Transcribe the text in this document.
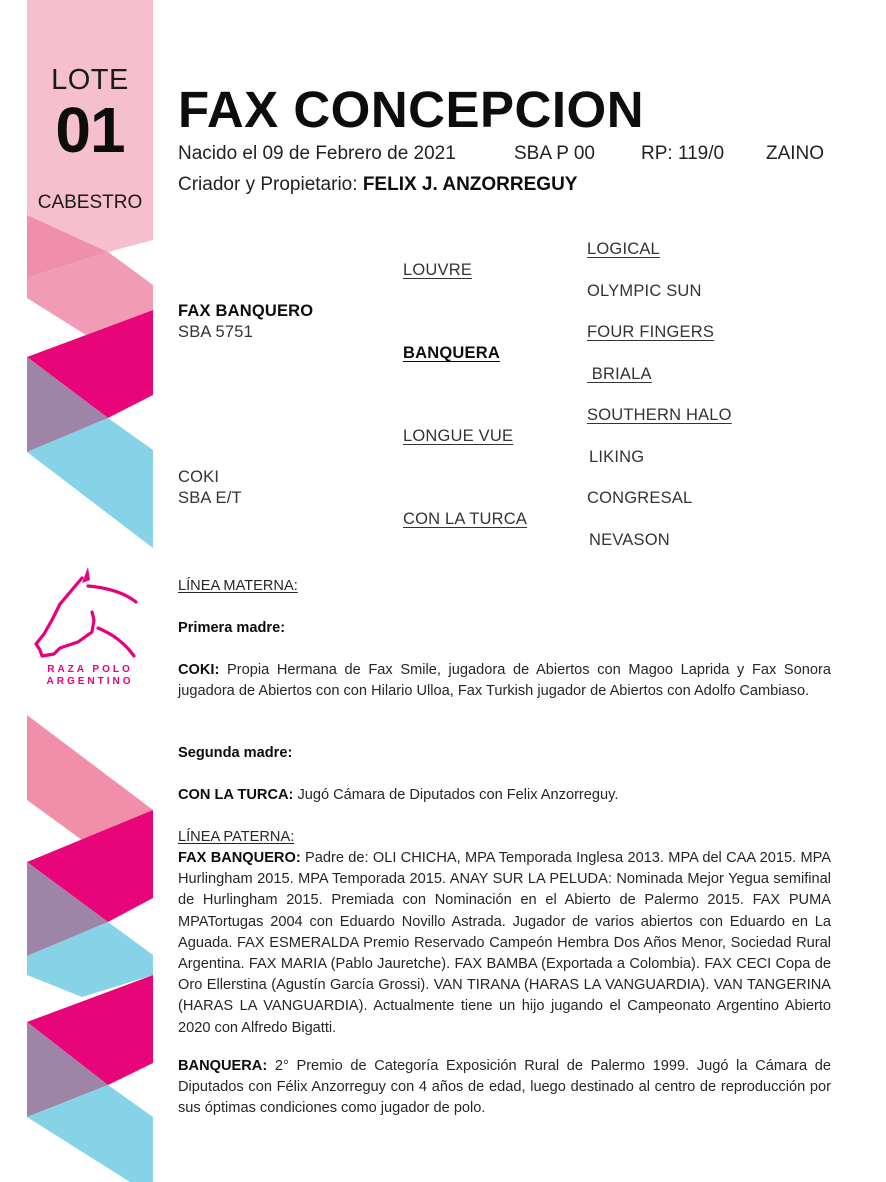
LOTE
01
CABESTRO
RAZA POLO
ARGENTINO
FAX CONCEPCION
Nacido el 09 de Febrero de 2021	SBA P 00 RP: 119/0 ZAINO
Criador y Propietario: FELIX J. ANZORREGUY
FAX BANQUERO
SBA 5751
COKI
SBA E/T
LOUVRE
BANQUERA
LONGUE VUE
CON LA TURCA
LOGICAL
OLYMPIC SUN
FOUR FINGERS
BRIALA
SOUTHERN HALO
LIKING
CONGRESAL
NEVASON
LÍNEA MATERNA:
Primera madre:
COKI: Propia Hermana de Fax Smile, jugadora de Abiertos con Magoo Laprida y Fax Sonora jugadora de Abiertos con con Hilario Ulloa, Fax Turkish jugador de Abiertos con Adolfo Cambiaso.
Segunda madre:
CON LA TURCA: Jugó Cámara de Diputados con Felix Anzorreguy.
LÍNEA PATERNA:
FAX BANQUERO: Padre de: OLI CHICHA, MPA Temporada Inglesa 2013. MPA del CAA 2015. MPA Hurlingham 2015. MPA Temporada 2015. ANAY SUR LA PELUDA: Nominada Mejor Yegua semifinal de Hurlingham 2015. Premiada con Nominación en el Abierto de Palermo 2015. FAX PUMA MPATortugas 2004 con Eduardo Novillo Astrada. Jugador de varios abiertos con Eduardo en La Aguada. FAX ESMERALDA Premio Reservado Campeón Hembra Dos Años Menor, Sociedad Rural Argentina. FAX MARIA (Pablo Jauretche). FAX BAMBA (Exportada a Colombia). FAX CECI Copa de Oro Ellerstina (Agustín García Grossi). VAN TIRANA (HARAS LA VANGUARDIA). VAN TANGERINA (HARAS LA VANGUARDIA). Actualmente tiene un hijo jugando el Campeonato Argentino Abierto 2020 con Alfredo Bigatti.
BANQUERA: 2° Premio de Categoría Exposición Rural de Palermo 1999. Jugó la Cámara de Diputados con Félix Anzorreguy con 4 años de edad, luego destinado al centro de reproducción por sus óptimas condiciones como jugador de polo.
